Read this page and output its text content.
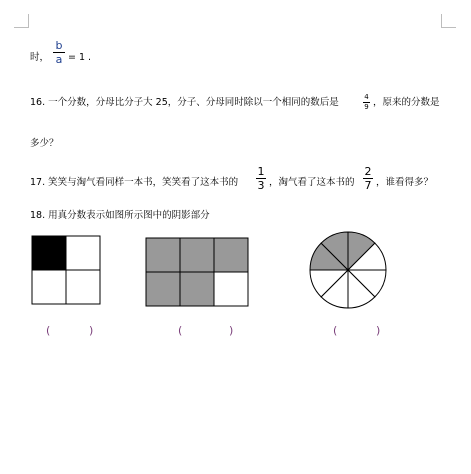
时，
b
a = 1 .
16. 一个分数，分母比分子大 25，分子、分母同时除以一个相同的数后是	4
9 ，原来的分数是
多少？
17. 笑笑与淘气看同样一本书，笑笑看了这本书的
1
3 ，淘气看了这本书的
2
7 ，谁看得多？
18. 用真分数表示如图所示图中的阴影部分
(	)	(	)	(	)
